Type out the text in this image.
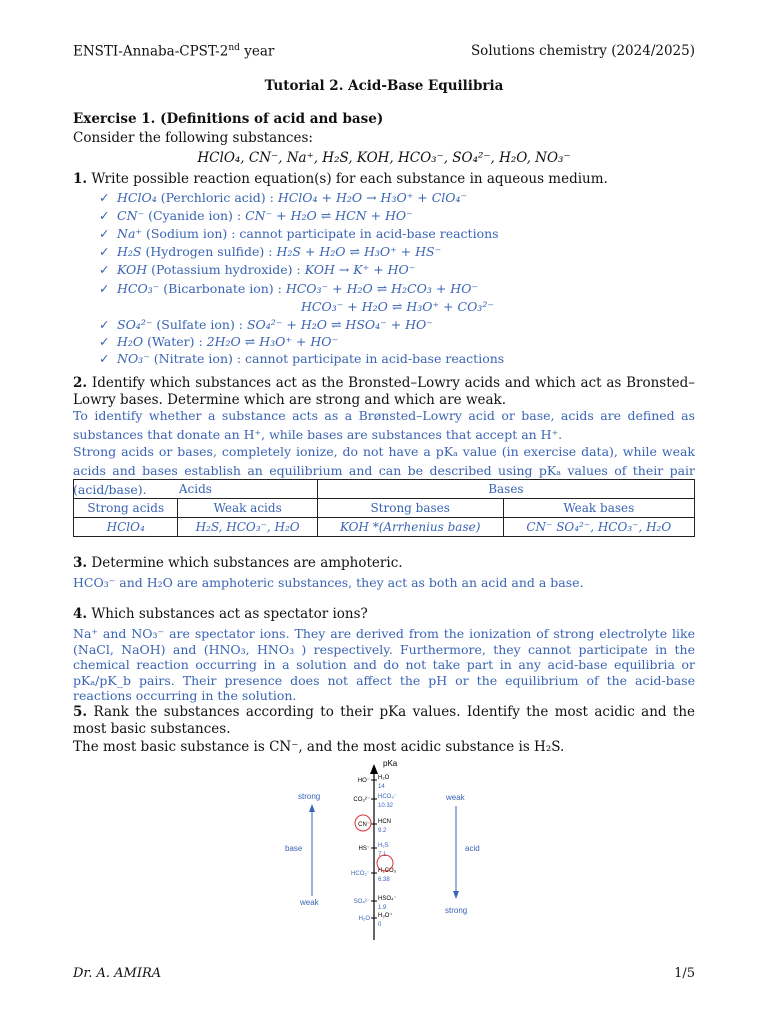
ENSTI-Annaba-CPST-2nd year	Solutions chemistry (2024/2025)
Tutorial 2. Acid-Base Equilibria
Exercise 1. (Definitions of acid and base)
Consider the following substances:
HClO₄, CN⁻, Na⁺, H₂S, KOH, HCO₃⁻, SO₄²⁻, H₂O, NO₃⁻
1. Write possible reaction equation(s) for each substance in aqueous medium.
✓ HClO₄ (Perchloric acid) : HClO₄ + H₂O → H₃O⁺ + ClO₄⁻
✓ CN⁻ (Cyanide ion) : CN⁻ + H₂O ⇌ HCN + HO⁻
✓ Na⁺ (Sodium ion) : cannot participate in acid-base reactions
✓ H₂S (Hydrogen sulfide) : H₂S + H₂O ⇌ H₃O⁺ + HS⁻
✓ KOH (Potassium hydroxide) : KOH → K⁺ + HO⁻
✓ HCO₃⁻ (Bicarbonate ion) : HCO₃⁻ + H₂O ⇌ H₂CO₃ + HO⁻
HCO₃⁻ + H₂O ⇌ H₃O⁺ + CO₃²⁻
✓ SO₄²⁻ (Sulfate ion) : SO₄²⁻ + H₂O ⇌ HSO₄⁻ + HO⁻
✓ H₂O (Water) : 2H₂O ⇌ H₃O⁺ + HO⁻
✓ NO₃⁻ (Nitrate ion) : cannot participate in acid-base reactions
2. Identify which substances act as the Bronsted–Lowry acids and which act as Bronsted–Lowry bases. Determine which are strong and which are weak.
To identify whether a substance acts as a Brønsted–Lowry acid or base, acids are defined as substances that donate an H⁺, while bases are substances that accept an H⁺.
Strong acids or bases, completely ionize, do not have a pKₐ value (in exercise data), while weak acids and bases establish an equilibrium and can be described using pKₐ values of their pair (acid/base).	Acids		Bases	
Strong acids	Weak acids	Strong bases	Weak bases
HClO₄	H₂S, HCO₃⁻, H₂O	KOH *(Arrhenius base)	CN⁻ SO₄²⁻, HCO₃⁻, H₂O
3. Determine which substances are amphoteric.
HCO₃⁻ and H₂O are amphoteric substances, they act as both an acid and a base.
4. Which substances act as spectator ions?
Na⁺ and NO₃⁻ are spectator ions. They are derived from the ionization of strong electrolyte like (NaCl, NaOH) and (HNO₃, HNO₃ ) respectively. Furthermore, they cannot participate in the chemical reaction occurring in a solution and do not take part in any acid-base equilibria or pKₐ/pK_b pairs. Their presence does not affect the pH or the equilibrium of the acid-base reactions occurring in the solution.
5. Rank the substances according to their pKa values. Identify the most acidic and the most basic substances.
The most basic substance is CN⁻, and the most acidic substance is H₂S.
pKa
strong
base
weak
weak
acid
strong
HO⁻
14
H₂O
CO₃²⁻
10.32
HCO₃⁻
CN⁻
9.2
HCN
HS⁻
7.1
H₂S
HCO₃⁻
6.38
H₂CO₃
SO₄²⁻
1.9
HSO₄⁻
H₂O
0
H₃O⁺
Dr. A. AMIRA	1/5
